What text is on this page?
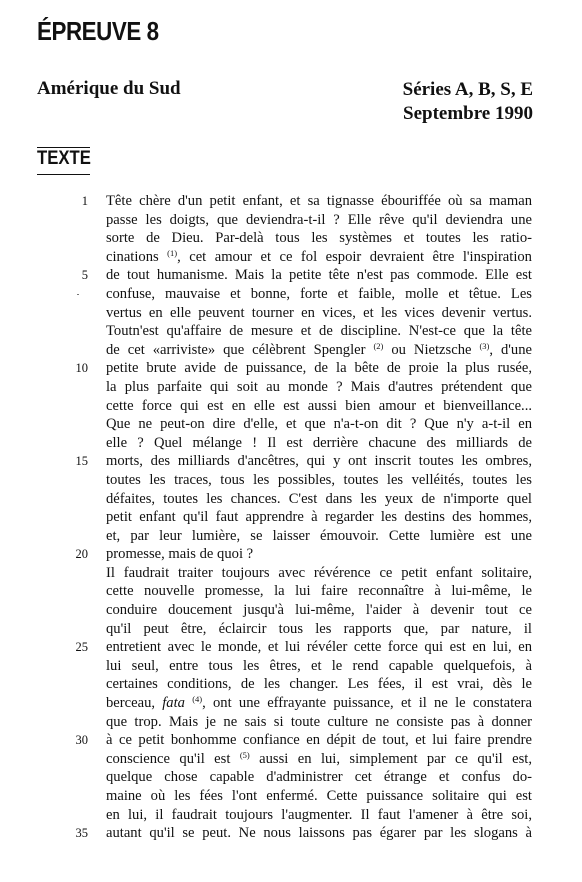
ÉPREUVE 8
Amérique du Sud	Séries A, B, S, E
Septembre 1990
TEXTE
1 Tête chère d'un petit enfant, et sa tignasse ébouriffée où sa maman
passe les doigts, que deviendra-t-il ? Elle rêve qu'il deviendra une
sorte de Dieu. Par-delà tous les systèmes et toutes les ratio-
cinations $^{(1)}$, cet amour et ce fol espoir devraient être l'inspiration
5 de tout humanisme. Mais la petite tête n'est pas commode. Elle est
confuse, mauvaise et bonne, forte et faible, molle et têtue. Les
vertus en elle peuvent tourner en vices, et les vices devenir vertus.
Toutn'est qu'affaire de mesure et de discipline. N'est-ce que la tête
de cet «arriviste» que célèbrent Spengler $^{(2)}$ ou Nietzsche $^{(3)}$, d'une
10 petite brute avide de puissance, de la bête de proie la plus rusée,
la plus parfaite qui soit au monde ? Mais d'autres prétendent que
cette force qui est en elle est aussi bien amour et bienveillance...
Que ne peut-on dire d'elle, et que n'a-t-on dit ? Que n'y a-t-il en
elle ? Quel mélange ! Il est derrière chacune des milliards de
15 morts, des milliards d'ancêtres, qui y ont inscrit toutes les ombres,
toutes les traces, tous les possibles, toutes les velléités, toutes les
défaites, toutes les chances. C'est dans les yeux de n'importe quel
petit enfant qu'il faut apprendre à regarder les destins des hommes,
et, par leur lumière, se laisser émouvoir. Cette lumière est une
20 promesse, mais de quoi ?
Il faudrait traiter toujours avec révérence ce petit enfant solitaire,
cette nouvelle promesse, la lui faire reconnaître à lui-même, le
conduire doucement jusqu'à lui-même, l'aider à devenir tout ce
qu'il peut être, éclaircir tous les rapports que, par nature, il
25 entretient avec le monde, et lui révéler cette force qui est en lui, en
lui seul, entre tous les êtres, et le rend capable quelquefois, à
certaines conditions, de les changer. Les fées, il est vrai, dès le
berceau, fata $^{(4)}$, ont une effrayante puissance, et il ne le constatera
que trop. Mais je ne sais si toute culture ne consiste pas à donner
30 à ce petit bonhomme confiance en dépit de tout, et lui faire prendre
conscience qu'il est $^{(5)}$ aussi en lui, simplement par ce qu'il est,
quelque chose capable d'administrer cet étrange et confus do-
maine où les fées l'ont enfermé. Cette puissance solitaire qui est
en lui, il faudrait toujours l'augmenter. Il faut l'amener à être soi,
35 autant qu'il se peut. Ne nous laissons pas égarer par les slogans à
